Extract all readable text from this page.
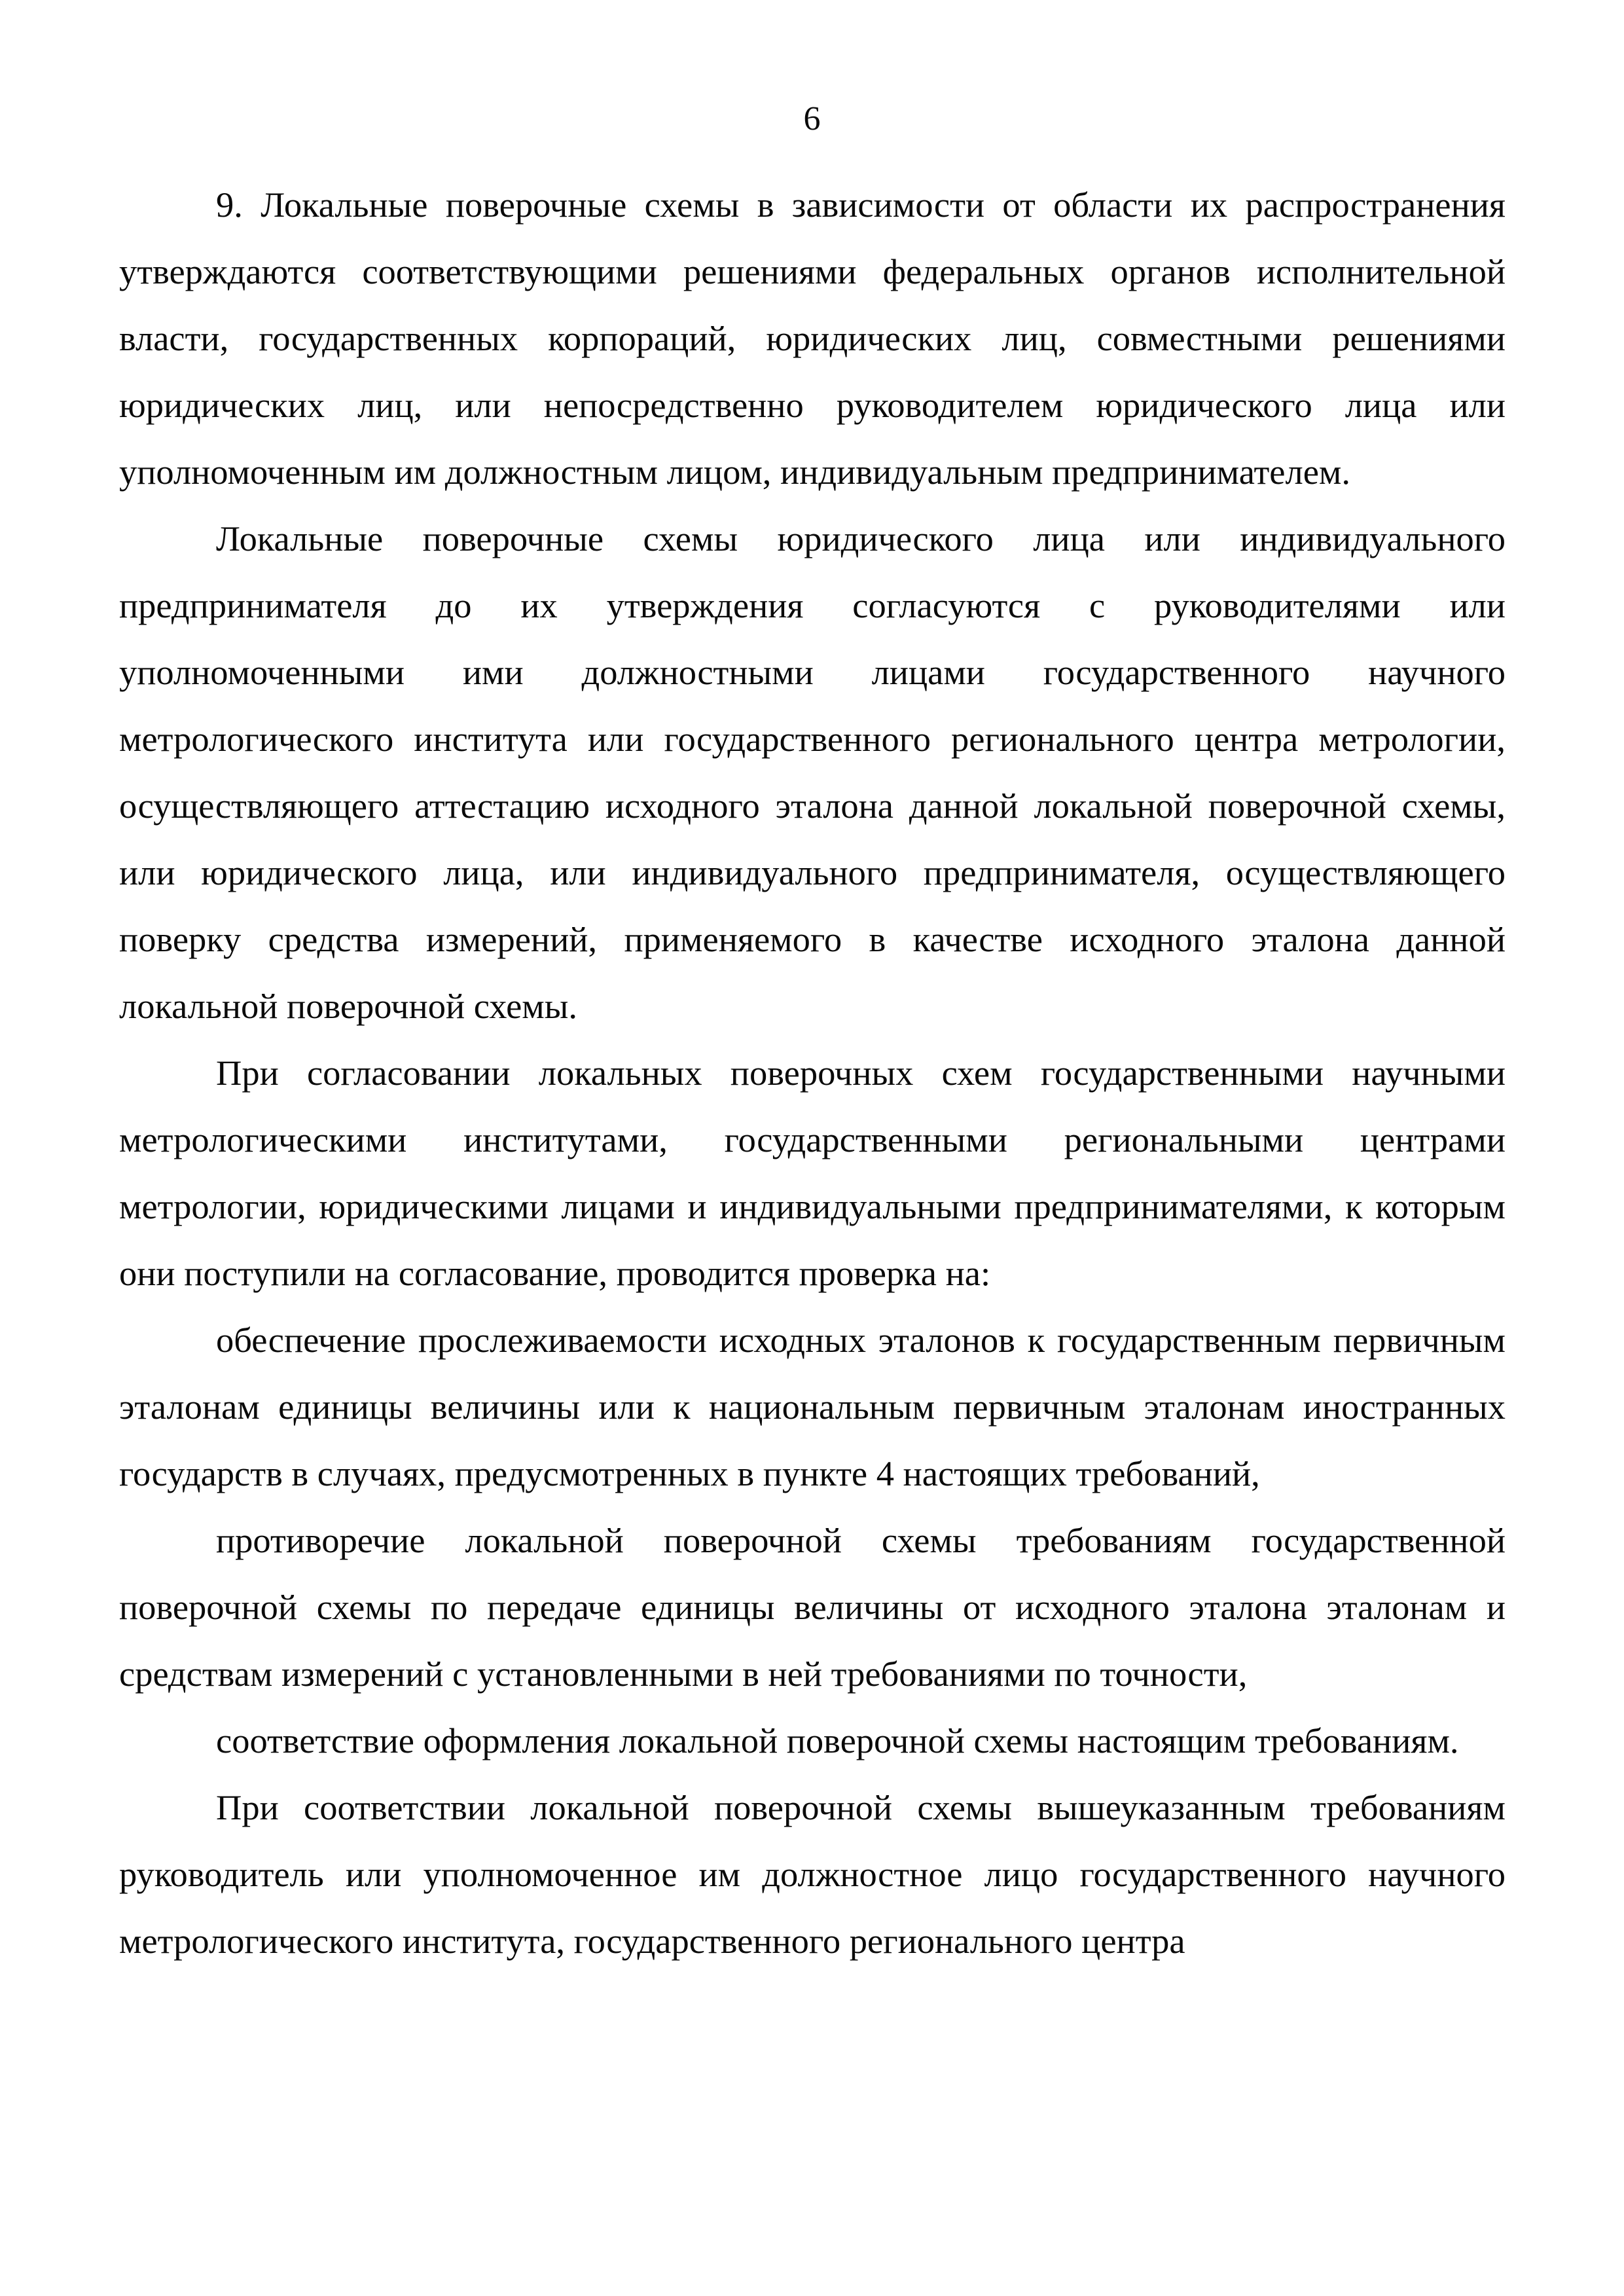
6

9. Локальные поверочные схемы в зависимости от области их распространения утверждаются соответствующими решениями федеральных органов исполнительной власти, государственных корпораций, юридических лиц, совместными решениями юридических лиц, или непосредственно руководителем юридического лица или уполномоченным им должностным лицом, индивидуальным предпринимателем.

Локальные поверочные схемы юридического лица или индивидуального предпринимателя до их утверждения согласуются с руководителями или уполномоченными ими должностными лицами государственного научного метрологического института или государственного регионального центра метрологии, осуществляющего аттестацию исходного эталона данной локальной поверочной схемы, или юридического лица, или индивидуального предпринимателя, осуществляющего поверку средства измерений, применяемого в качестве исходного эталона данной локальной поверочной схемы.

При согласовании локальных поверочных схем государственными научными метрологическими институтами, государственными региональными центрами метрологии, юридическими лицами и индивидуальными предпринимателями, к которым они поступили на согласование, проводится проверка на:

обеспечение прослеживаемости исходных эталонов к государственным первичным эталонам единицы величины или к национальным первичным эталонам иностранных государств в случаях, предусмотренных в пункте 4 настоящих требований,

противоречие локальной поверочной схемы требованиям государственной поверочной схемы по передаче единицы величины от исходного эталона эталонам и средствам измерений с установленными в ней требованиями по точности,

соответствие оформления локальной поверочной схемы настоящим требованиям.

При соответствии локальной поверочной схемы вышеуказанным требованиям руководитель или уполномоченное им должностное лицо государственного научного метрологического института, государственного регионального центра
